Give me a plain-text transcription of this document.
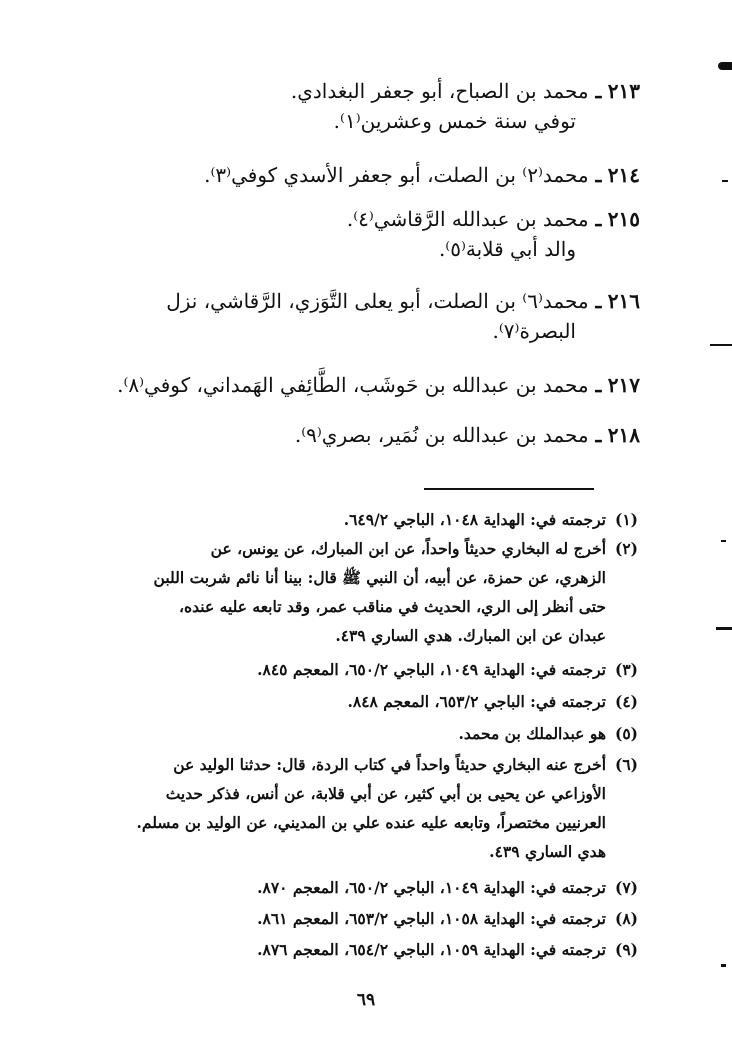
٢١٣ ـ محمد بن الصباح، أبو جعفر البغدادي.
توفي سنة خمس وعشرين⁽١⁾.
٢١٤ ـ محمد⁽٢⁾ بن الصلت، أبو جعفر الأسدي كوفي⁽٣⁾.
٢١٥ ـ محمد بن عبدالله الرَّقاشي⁽٤⁾.
والد أبي قلابة⁽٥⁾.
٢١٦ ـ محمد⁽٦⁾ بن الصلت، أبو يعلى التَّوَزي، الرَّقاشي، نزل
البصرة⁽٧⁾.
٢١٧ ـ محمد بن عبدالله بن حَوشَب، الطَّائِفي الهَمداني، كوفي⁽٨⁾.
٢١٨ ـ محمد بن عبدالله بن نُمَير، بصري⁽٩⁾.
(١)ترجمته في: الهداية ١٠٤٨، الباجي ٦٤٩/٢.
(٢)أخرج له البخاري حديثاً واحداً، عن ابن المبارك، عن يونس، عن
الزهري، عن حمزة، عن أبيه، أن النبي ﷺ قال: بينا أنا نائم شربت اللبن
حتى أنظر إلى الري، الحديث في مناقب عمر، وقد تابعه عليه عنده،
عبدان عن ابن المبارك. هدي الساري ٤٣٩.
(٣)ترجمته في: الهداية ١٠٤٩، الباجي ٦٥٠/٢، المعجم ٨٤٥.
(٤)ترجمته في: الباجي ٦٥٣/٢، المعجم ٨٤٨.
(٥)هو عبدالملك بن محمد.
(٦)أخرج عنه البخاري حديثاً واحداً في كتاب الردة، قال: حدثنا الوليد عن
الأوزاعي عن يحيى بن أبي كثير، عن أبي قلابة، عن أنس، فذكر حديث
العرنيين مختصراً، وتابعه عليه عنده علي بن المديني، عن الوليد بن مسلم.
هدي الساري ٤٣٩.
(٧)ترجمته في: الهداية ١٠٤٩، الباجي ٦٥٠/٢، المعجم ٨٧٠.
(٨)ترجمته في: الهداية ١٠٥٨، الباجي ٦٥٣/٢، المعجم ٨٦١.
(٩)ترجمته في: الهداية ١٠٥٩، الباجي ٦٥٤/٢، المعجم ٨٧٦.
٦٩
